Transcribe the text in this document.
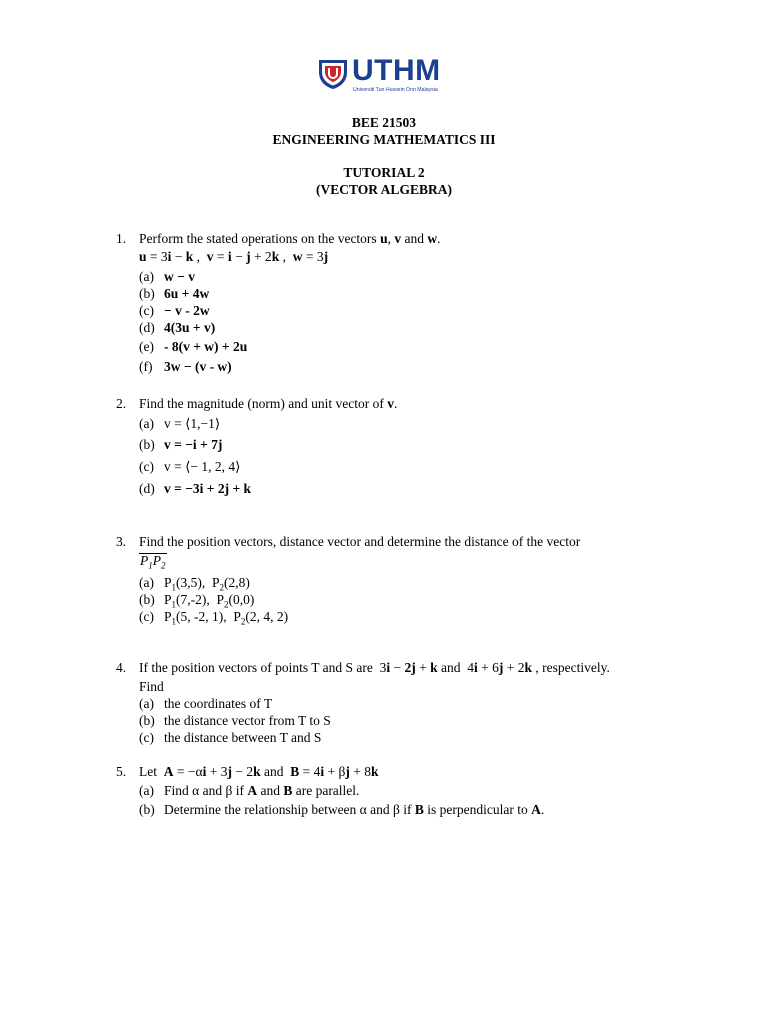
UTHM
Universiti Tun Hussein Onn Malaysia
BEE 21503
ENGINEERING MATHEMATICS III
TUTORIAL 2
(VECTOR ALGEBRA)
1. Perform the stated operations on the vectors u, v and w.
u = 3i − k ,  v = i − j + 2k ,  w = 3j
(a) w − v
(b) 6u + 4w
(c) − v - 2w
(d) 4(3u + v)
(e) - 8(v + w) + 2u
(f) 3w − (v - w)
2. Find the magnitude (norm) and unit vector of v.
(a) v = ⟨1,−1⟩
(b) v = −i + 7j
(c) v = ⟨− 1, 2, 4⟩
(d) v = −3i + 2j + k
3. Find the position vectors, distance vector and determine the distance of the vector
$P_1P_2$
(a) $P_1(3,5)$,  $P_2(2,8)$
(b) $P_1(7,-2)$,  $P_2(0,0)$
(c) $P_1(5$, -2, 1),  $P_2(2$, 4, 2)
4. If the position vectors of points T and S are  3i − 2j + k and  4i + 6j + 2k , respectively.
Find
(a) the coordinates of T
(b) the distance vector from T to S
(c) the distance between T and S
5. Let  A = −αi + 3j − 2k and  B = 4i + βj + 8k
(a) Find α and β if A and B are parallel.
(b) Determine the relationship between α and β if B is perpendicular to A.
